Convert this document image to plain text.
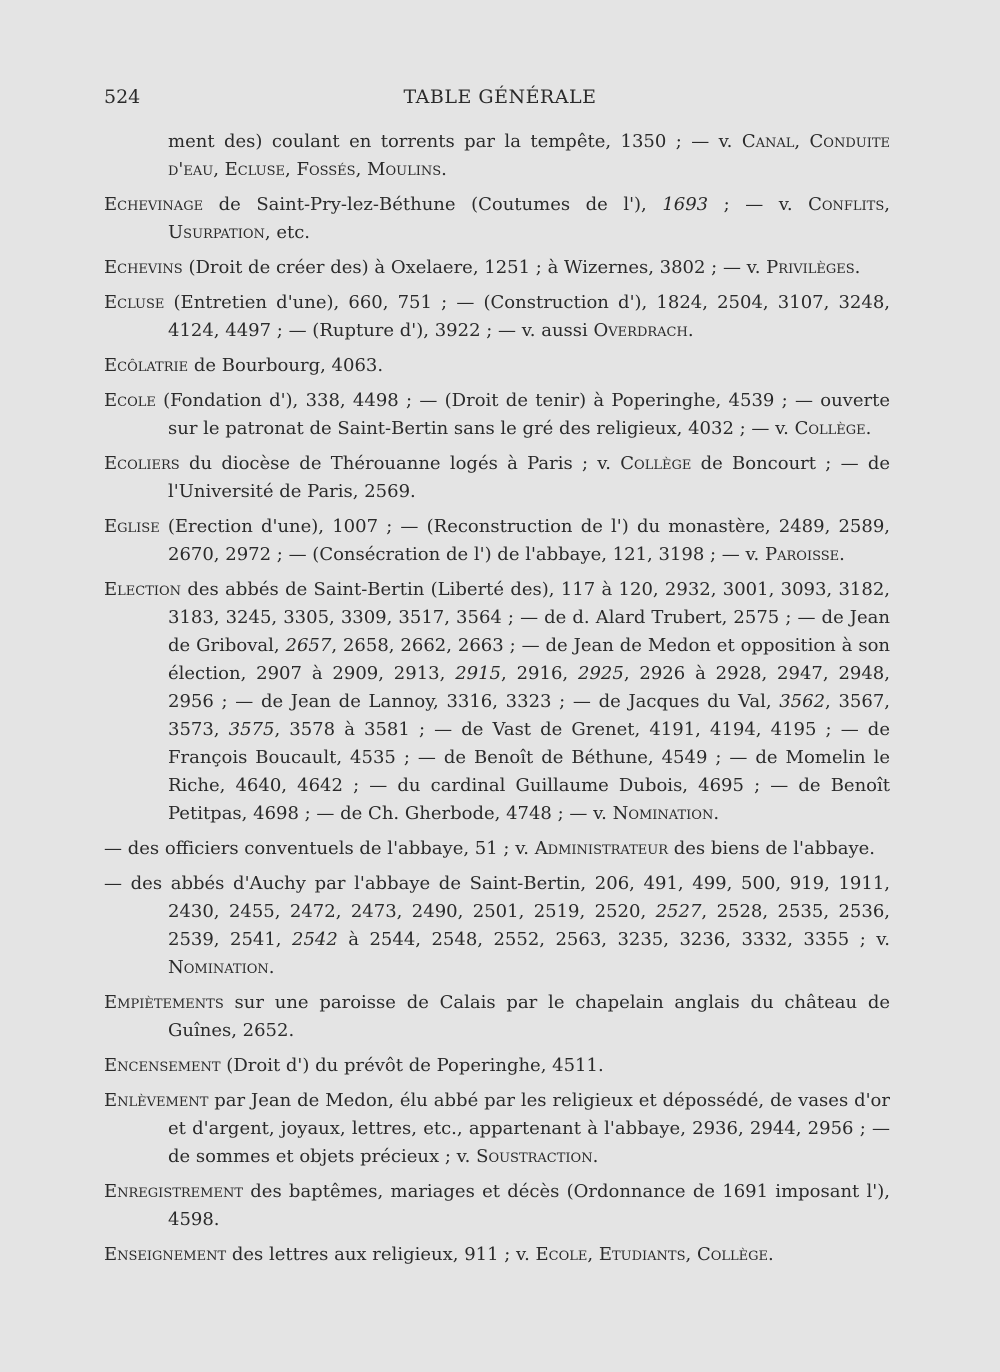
524	TABLE GÉNÉRALE

ment des) coulant en torrents par la tempête, 1350 ; — v. Canal, Conduite d'eau, Ecluse, Fossés, Moulins.

Echevinage de Saint-Pry-lez-Béthune (Coutumes de l'), 1693 ; — v. Conflits, Usurpation, etc.

Echevins (Droit de créer des) à Oxelaere, 1251 ; à Wizernes, 3802 ; — v. Privilèges.

Ecluse (Entretien d'une), 660, 751 ; — (Construction d'), 1824, 2504, 3107, 3248, 4124, 4497 ; — (Rupture d'), 3922 ; — v. aussi Overdrach.

Ecôlatrie de Bourbourg, 4063.

Ecole (Fondation d'), 338, 4498 ; — (Droit de tenir) à Poperinghe, 4539 ; — ouverte sur le patronat de Saint-Bertin sans le gré des religieux, 4032 ; — v. Collège.

Ecoliers du diocèse de Thérouanne logés à Paris ; v. Collège de Boncourt ; — de l'Université de Paris, 2569.

Eglise (Erection d'une), 1007 ; — (Reconstruction de l') du monastère, 2489, 2589, 2670, 2972 ; — (Consécration de l') de l'abbaye, 121, 3198 ; — v. Paroisse.

Election des abbés de Saint-Bertin (Liberté des), 117 à 120, 2932, 3001, 3093, 3182, 3183, 3245, 3305, 3309, 3517, 3564 ; — de d. Alard Trubert, 2575 ; — de Jean de Griboval, 2657, 2658, 2662, 2663 ; — de Jean de Medon et opposition à son élection, 2907 à 2909, 2913, 2915, 2916, 2925, 2926 à 2928, 2947, 2948, 2956 ; — de Jean de Lannoy, 3316, 3323 ; — de Jacques du Val, 3562, 3567, 3573, 3575, 3578 à 3581 ; — de Vast de Grenet, 4191, 4194, 4195 ; — de François Boucault, 4535 ; — de Benoît de Béthune, 4549 ; — de Momelin le Riche, 4640, 4642 ; — du cardinal Guillaume Dubois, 4695 ; — de Benoît Petitpas, 4698 ; — de Ch. Gherbode, 4748 ; — v. Nomination.

— des officiers conventuels de l'abbaye, 51 ; v. Administrateur des biens de l'abbaye.

— des abbés d'Auchy par l'abbaye de Saint-Bertin, 206, 491, 499, 500, 919, 1911, 2430, 2455, 2472, 2473, 2490, 2501, 2519, 2520, 2527, 2528, 2535, 2536, 2539, 2541, 2542 à 2544, 2548, 2552, 2563, 3235, 3236, 3332, 3355 ; v. Nomination.

Empiètements sur une paroisse de Calais par le chapelain anglais du château de Guînes, 2652.

Encensement (Droit d') du prévôt de Poperinghe, 4511.

Enlèvement par Jean de Medon, élu abbé par les religieux et dépossédé, de vases d'or et d'argent, joyaux, lettres, etc., appartenant à l'abbaye, 2936, 2944, 2956 ; — de sommes et objets précieux ; v. Soustraction.

Enregistrement des baptêmes, mariages et décès (Ordonnance de 1691 imposant l'), 4598.

Enseignement des lettres aux religieux, 911 ; v. Ecole, Etudiants, Collège.
